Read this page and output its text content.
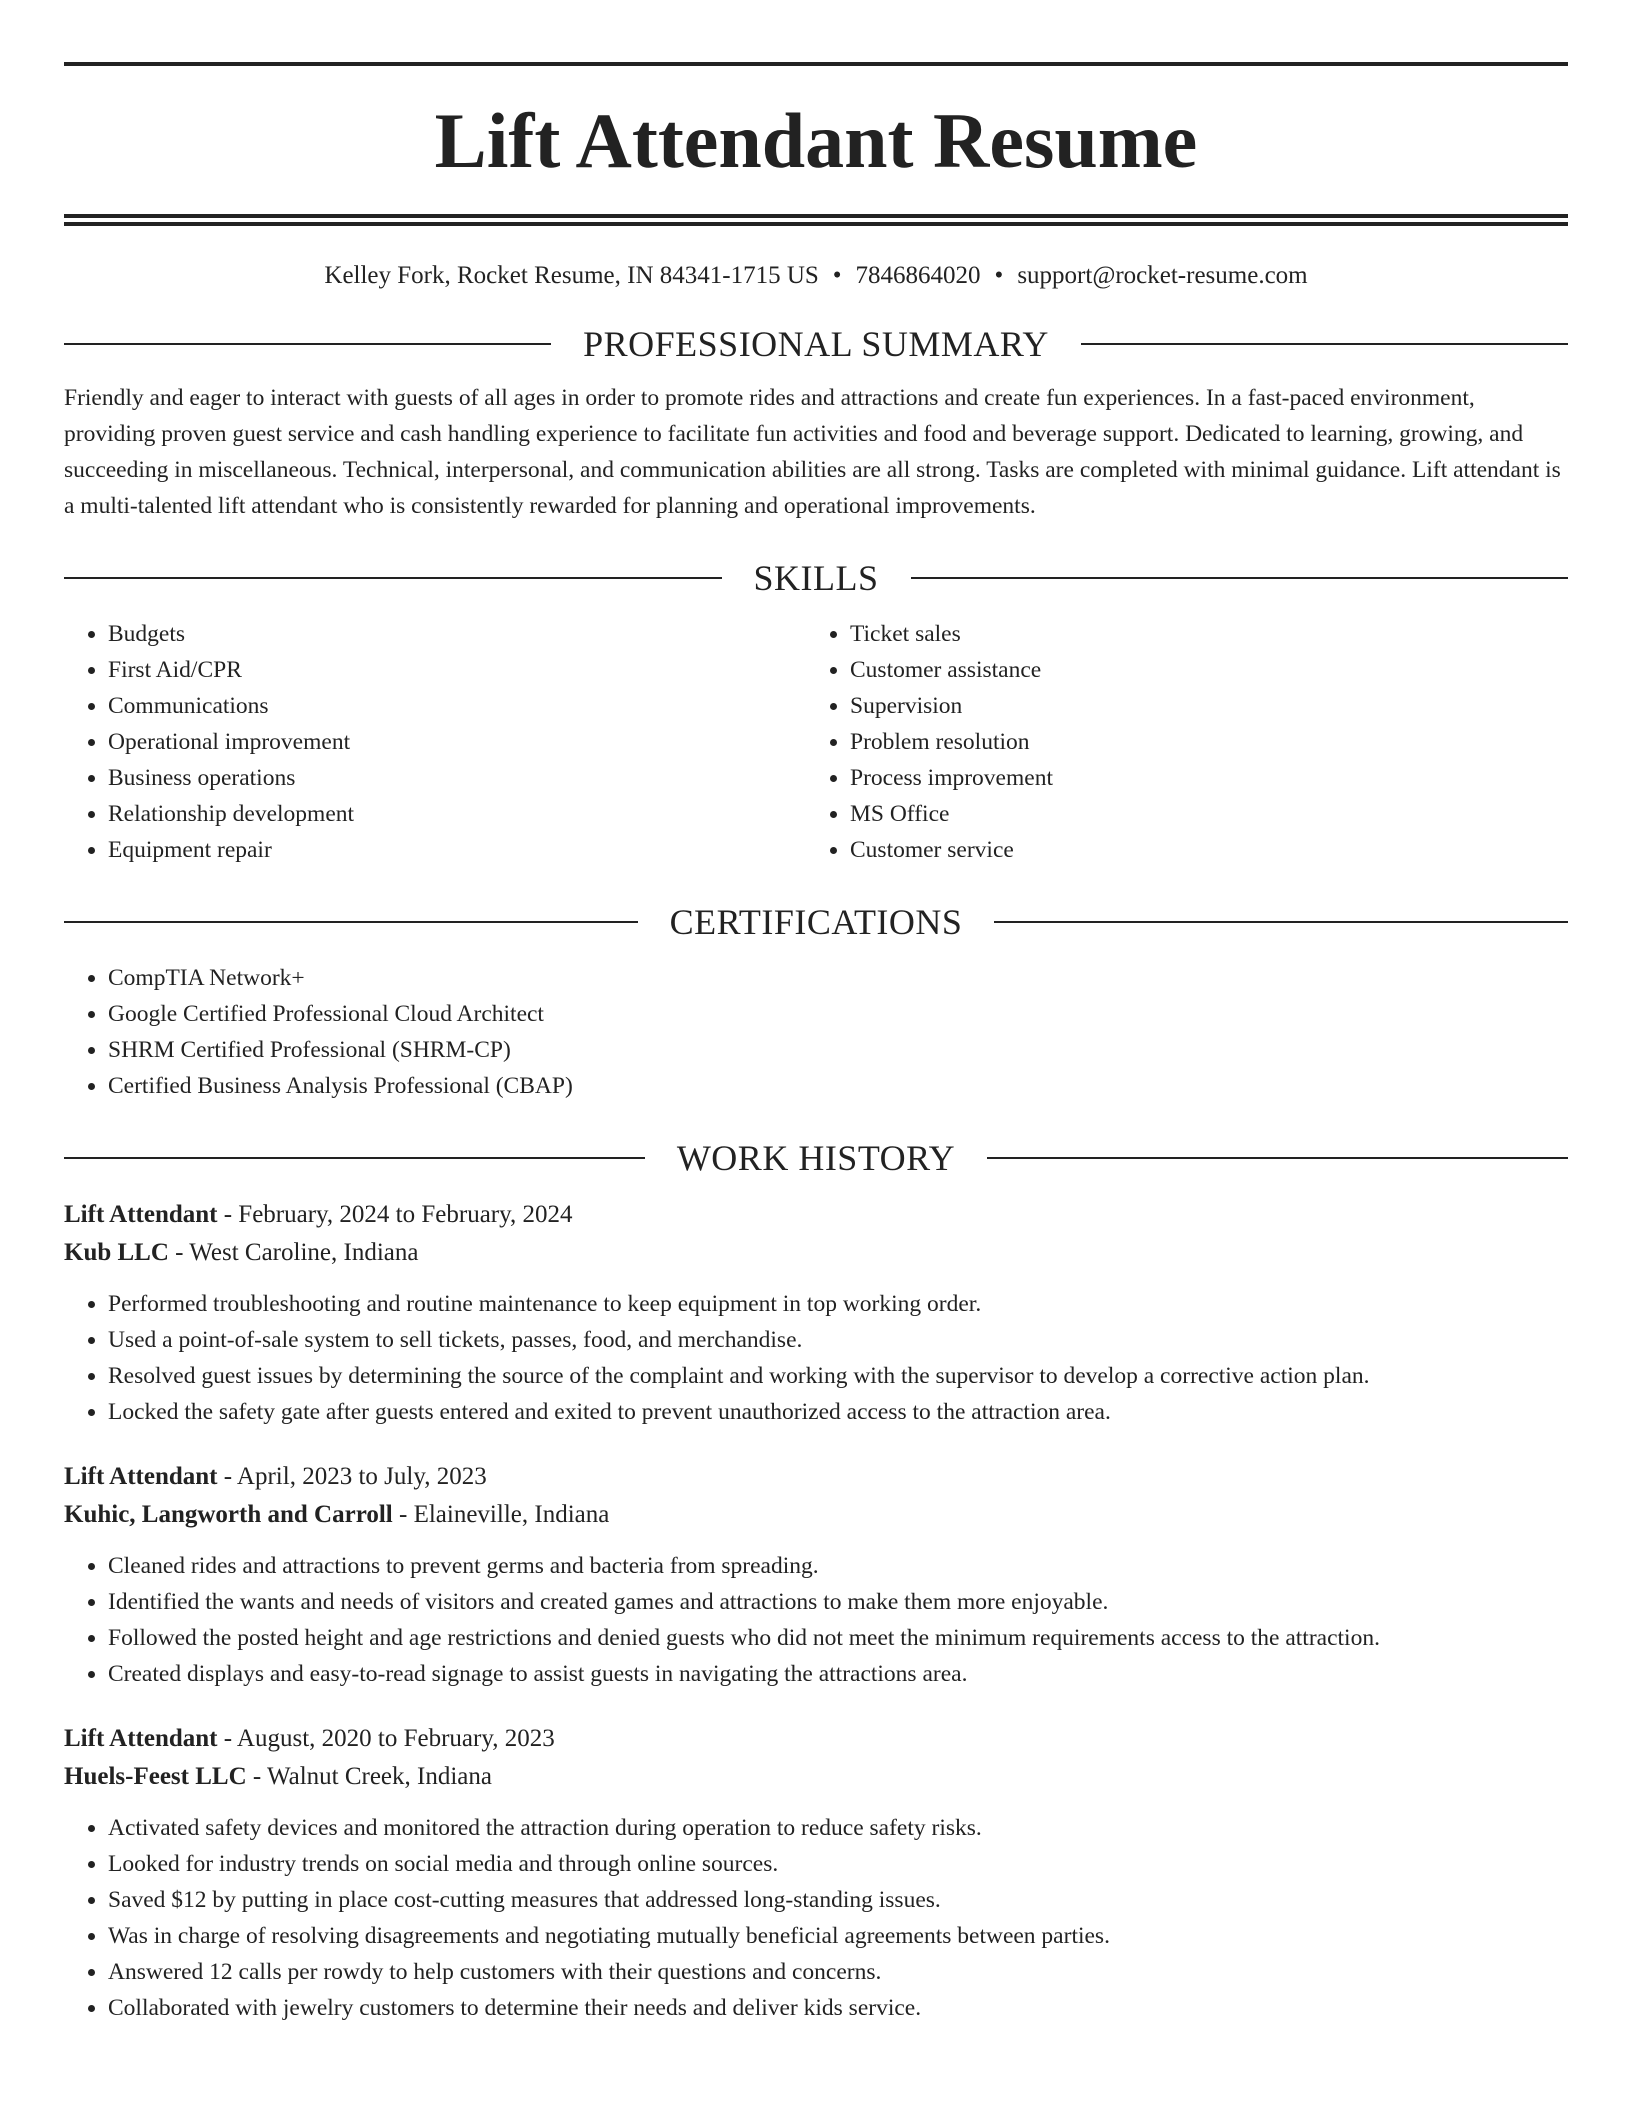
Lift Attendant Resume
Kelley Fork, Rocket Resume, IN 84341-1715 US • 7846864020 • support@rocket-resume.com
PROFESSIONAL SUMMARY

Friendly and eager to interact with guests of all ages in order to promote rides and attractions and create fun experiences. In a fast-paced environment, providing proven guest service and cash handling experience to facilitate fun activities and food and beverage support. Dedicated to learning, growing, and succeeding in miscellaneous. Technical, interpersonal, and communication abilities are all strong. Tasks are completed with minimal guidance. Lift attendant is a multi-talented lift attendant who is consistently rewarded for planning and operational improvements.

SKILLS
• Budgets
• First Aid/CPR
• Communications
• Operational improvement
• Business operations
• Relationship development
• Equipment repair
• Ticket sales
• Customer assistance
• Supervision
• Problem resolution
• Process improvement
• MS Office
• Customer service
CERTIFICATIONS
• CompTIA Network+
• Google Certified Professional Cloud Architect
• SHRM Certified Professional (SHRM-CP)
• Certified Business Analysis Professional (CBAP)
WORK HISTORY
Lift Attendant - February, 2024 to February, 2024
Kub LLC - West Caroline, Indiana
• Performed troubleshooting and routine maintenance to keep equipment in top working order.
• Used a point-of-sale system to sell tickets, passes, food, and merchandise.
• Resolved guest issues by determining the source of the complaint and working with the supervisor to develop a corrective action plan.
• Locked the safety gate after guests entered and exited to prevent unauthorized access to the attraction area.
Lift Attendant - April, 2023 to July, 2023
Kuhic, Langworth and Carroll - Elaineville, Indiana
• Cleaned rides and attractions to prevent germs and bacteria from spreading.
• Identified the wants and needs of visitors and created games and attractions to make them more enjoyable.
• Followed the posted height and age restrictions and denied guests who did not meet the minimum requirements access to the attraction.
• Created displays and easy-to-read signage to assist guests in navigating the attractions area.
Lift Attendant - August, 2020 to February, 2023
Huels-Feest LLC - Walnut Creek, Indiana
• Activated safety devices and monitored the attraction during operation to reduce safety risks.
• Looked for industry trends on social media and through online sources.
• Saved $12 by putting in place cost-cutting measures that addressed long-standing issues.
• Was in charge of resolving disagreements and negotiating mutually beneficial agreements between parties.
• Answered 12 calls per rowdy to help customers with their questions and concerns.
• Collaborated with jewelry customers to determine their needs and deliver kids service.
